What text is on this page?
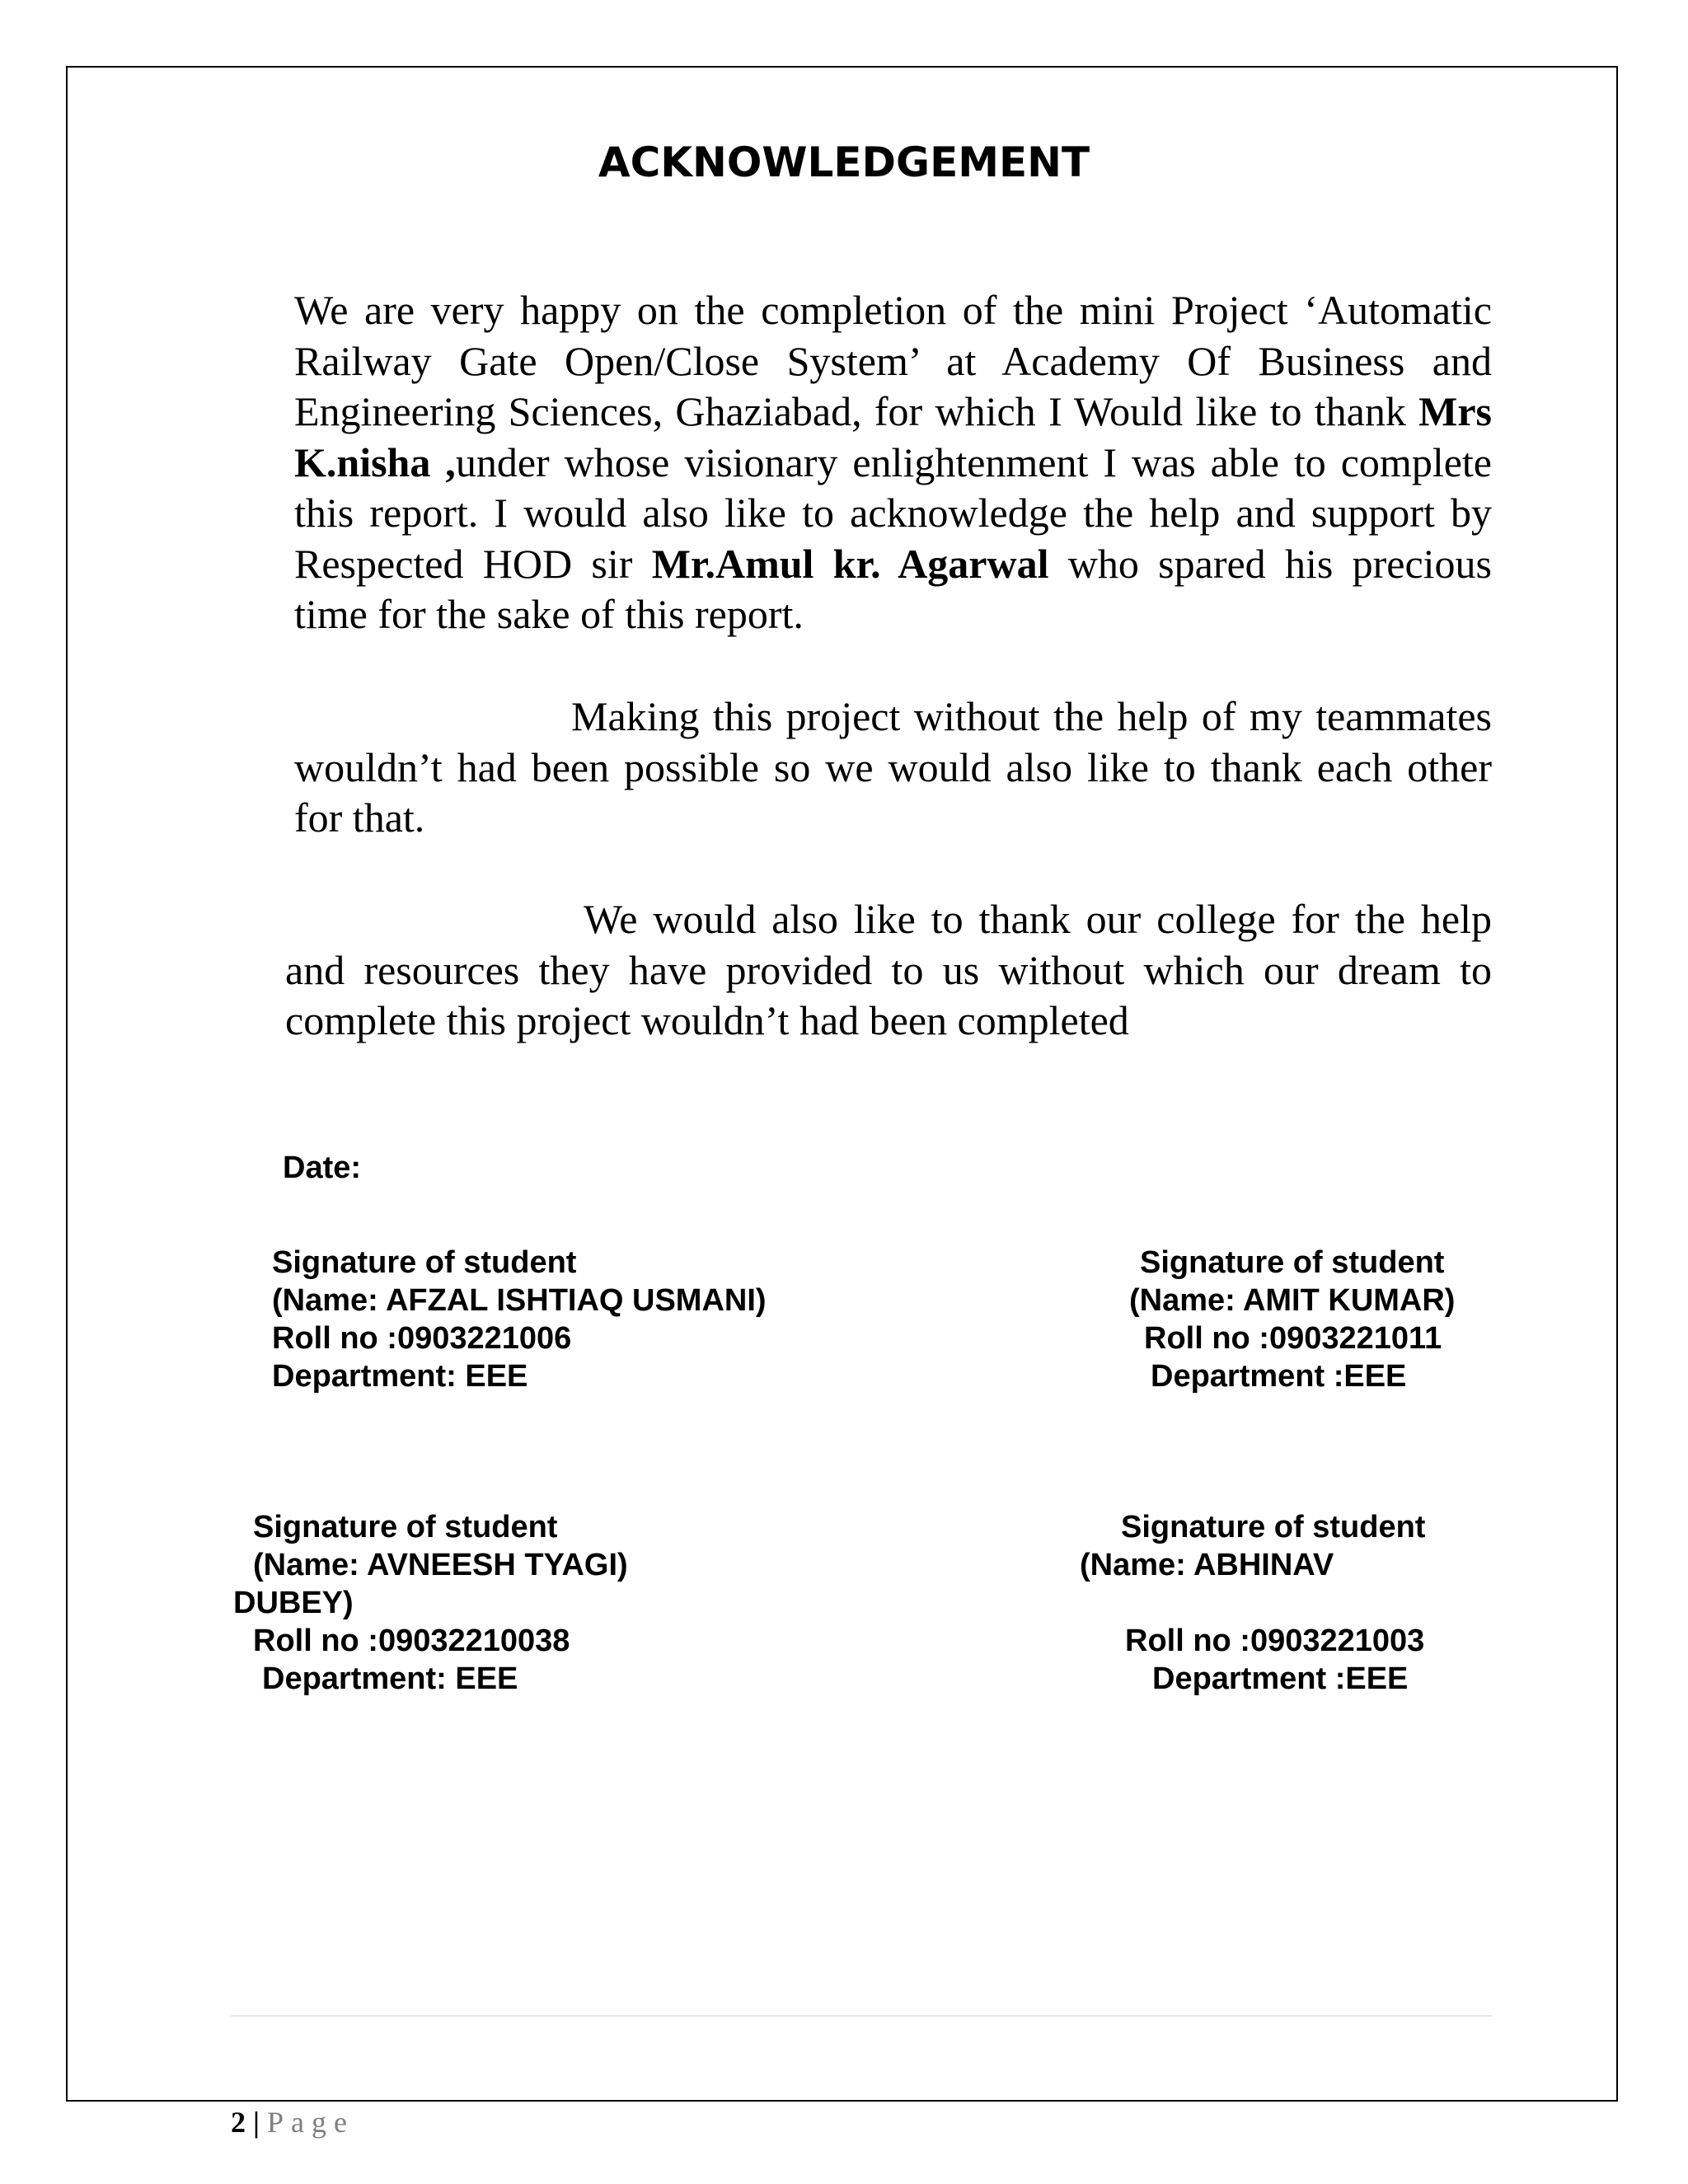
ACKNOWLEDGEMENT
We are very happy on the completion of the mini Project ‘Automatic Railway Gate Open/Close System’ at Academy Of Business and Engineering Sciences, Ghaziabad, for which I Would like to thank Mrs K.nisha ,under whose visionary enlightenment I was able to complete this report. I would also like to acknowledge the help and support by Respected HOD sir Mr.Amul kr. Agarwal who spared his precious time for the sake of this report.
Making this project without the help of my teammates wouldn’t had been possible so we would also like to thank each other for that.
We would also like to thank our college for the help and resources they have provided to us without which our dream to complete this project wouldn’t had been completed
Date:
Signature of student
(Name: AFZAL ISHTIAQ USMANI)
Roll no :0903221006
Department: EEE
Signature of student
(Name: AMIT KUMAR)
Roll no :0903221011
Department :EEE
Signature of student
(Name: AVNEESH TYAGI)
Roll no :09032210038
Department: EEE
Signature of student
(Name: ABHINAV
Roll no :0903221003
Department :EEE
DUBEY)
2 | Page
